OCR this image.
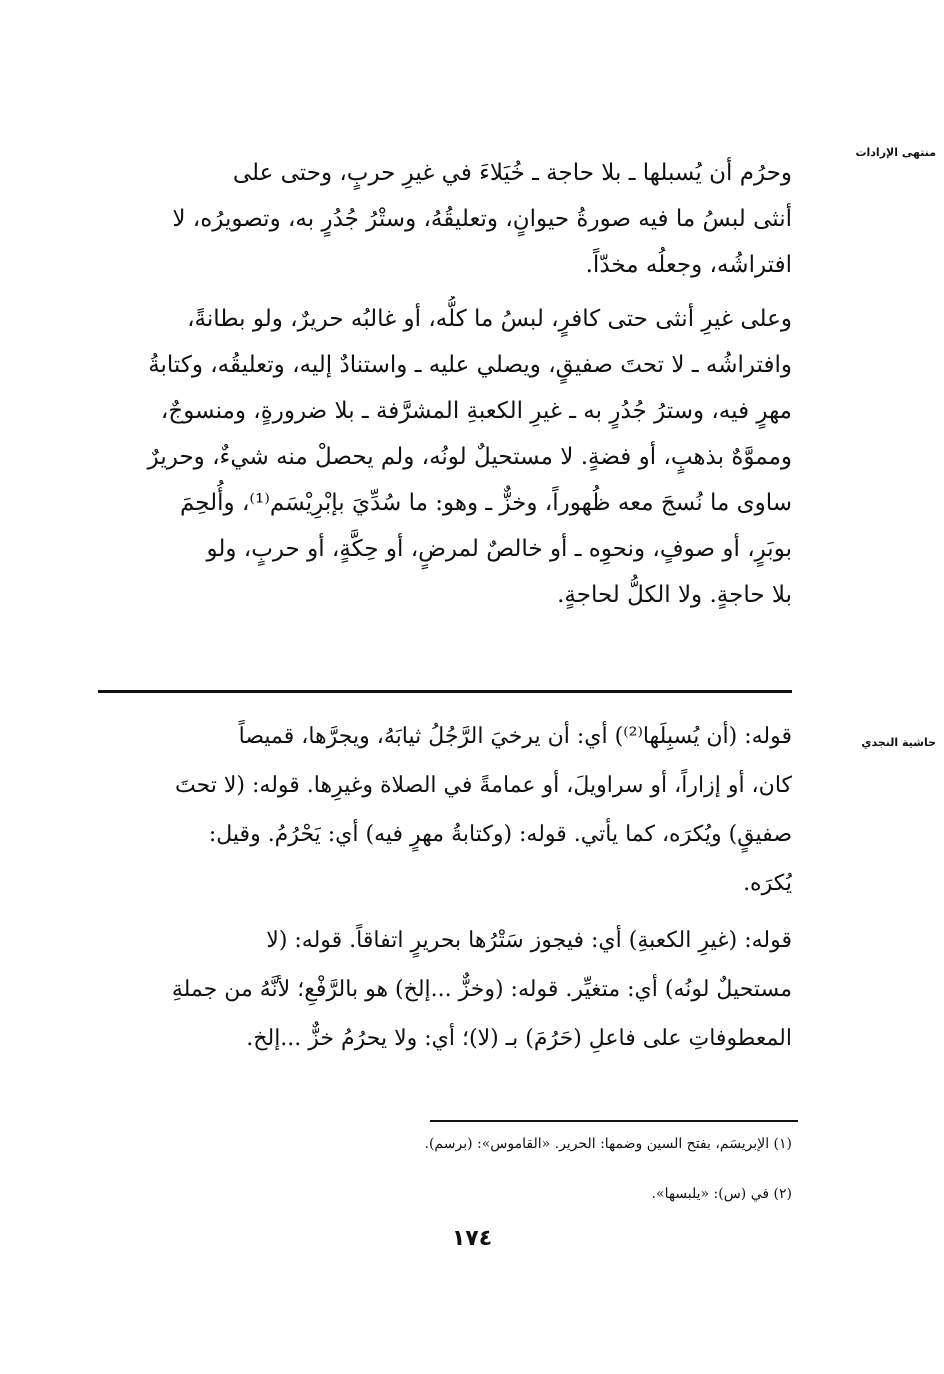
منتهى الإرادات
حاشية النجدي

وحرُم أن يُسبلها ـ بلا حاجة ـ خُيَلاءَ في غيرِ حربٍ، وحتى على
أنثى لبسُ ما فيه صورةُ حيوانٍ، وتعليقُهُ، وستْرُ جُدُرٍ به، وتصويرُه، لا
افتراشُه، وجعلُه مخدّاً.

وعلى غيرِ أنثى حتى كافرٍ، لبسُ ما كلُّه، أو غالبُه حريرٌ، ولو بطانةً،
وافتراشُه ـ لا تحتَ صفيقٍ، ويصلي عليه ـ واستنادٌ إليه، وتعليقُه، وكتابةُ
مهرٍ فيه، وسترُ جُدُرٍ به ـ غيرِ الكعبةِ المشرَّفة ـ بلا ضرورةٍ، ومنسوجٌ،
ومموَّهٌ بذهبٍ، أو فضةٍ. لا مستحيلٌ لونُه، ولم يحصلْ منه شيءٌ، وحريرٌ
ساوى ما نُسجَ معه ظُهوراً، وخزٌّ ـ وهو: ما سُدِّيَ بإبْرِيْسَم⁽¹⁾، وأُلحِمَ
بوبَرٍ، أو صوفٍ، ونحوِه ـ أو خالصٌ لمرضٍ، أو حِكَّةٍ، أو حربٍ، ولو
بلا حاجةٍ. ولا الكلُّ لحاجةٍ.

قوله: (أن يُسبِلَها⁽²⁾) أي: أن يرخيَ الرَّجُلُ ثيابَهُ، ويجرَّها، قميصاً
كان، أو إزاراً، أو سراويلَ، أو عمامةً في الصلاة وغيرِها. قوله: (لا تحتَ
صفيقٍ) ويُكرَه، كما يأتي. قوله: (وكتابةُ مهرٍ فيه) أي: يَحْرُمُ. وقيل:
يُكرَه.

قوله: (غيرِ الكعبةِ) أي: فيجوز سَتْرُها بحريرٍ اتفاقاً. قوله: (لا
مستحيلٌ لونُه) أي: متغيِّر. قوله: (وخزٌّ ...إلخ) هو بالرَّفْعِ؛ لأنَّهُ من جملةِ
المعطوفاتِ على فاعلِ (حَرُمَ) بـ (لا)؛ أي: ولا يحرُمُ خزٌّ ...إلخ.

(١) الإبريسَم، بفتح السين وضمها: الحرير. «القاموس»: (برسم).
(٢) في (س): «يلبسها».
١٧٤
